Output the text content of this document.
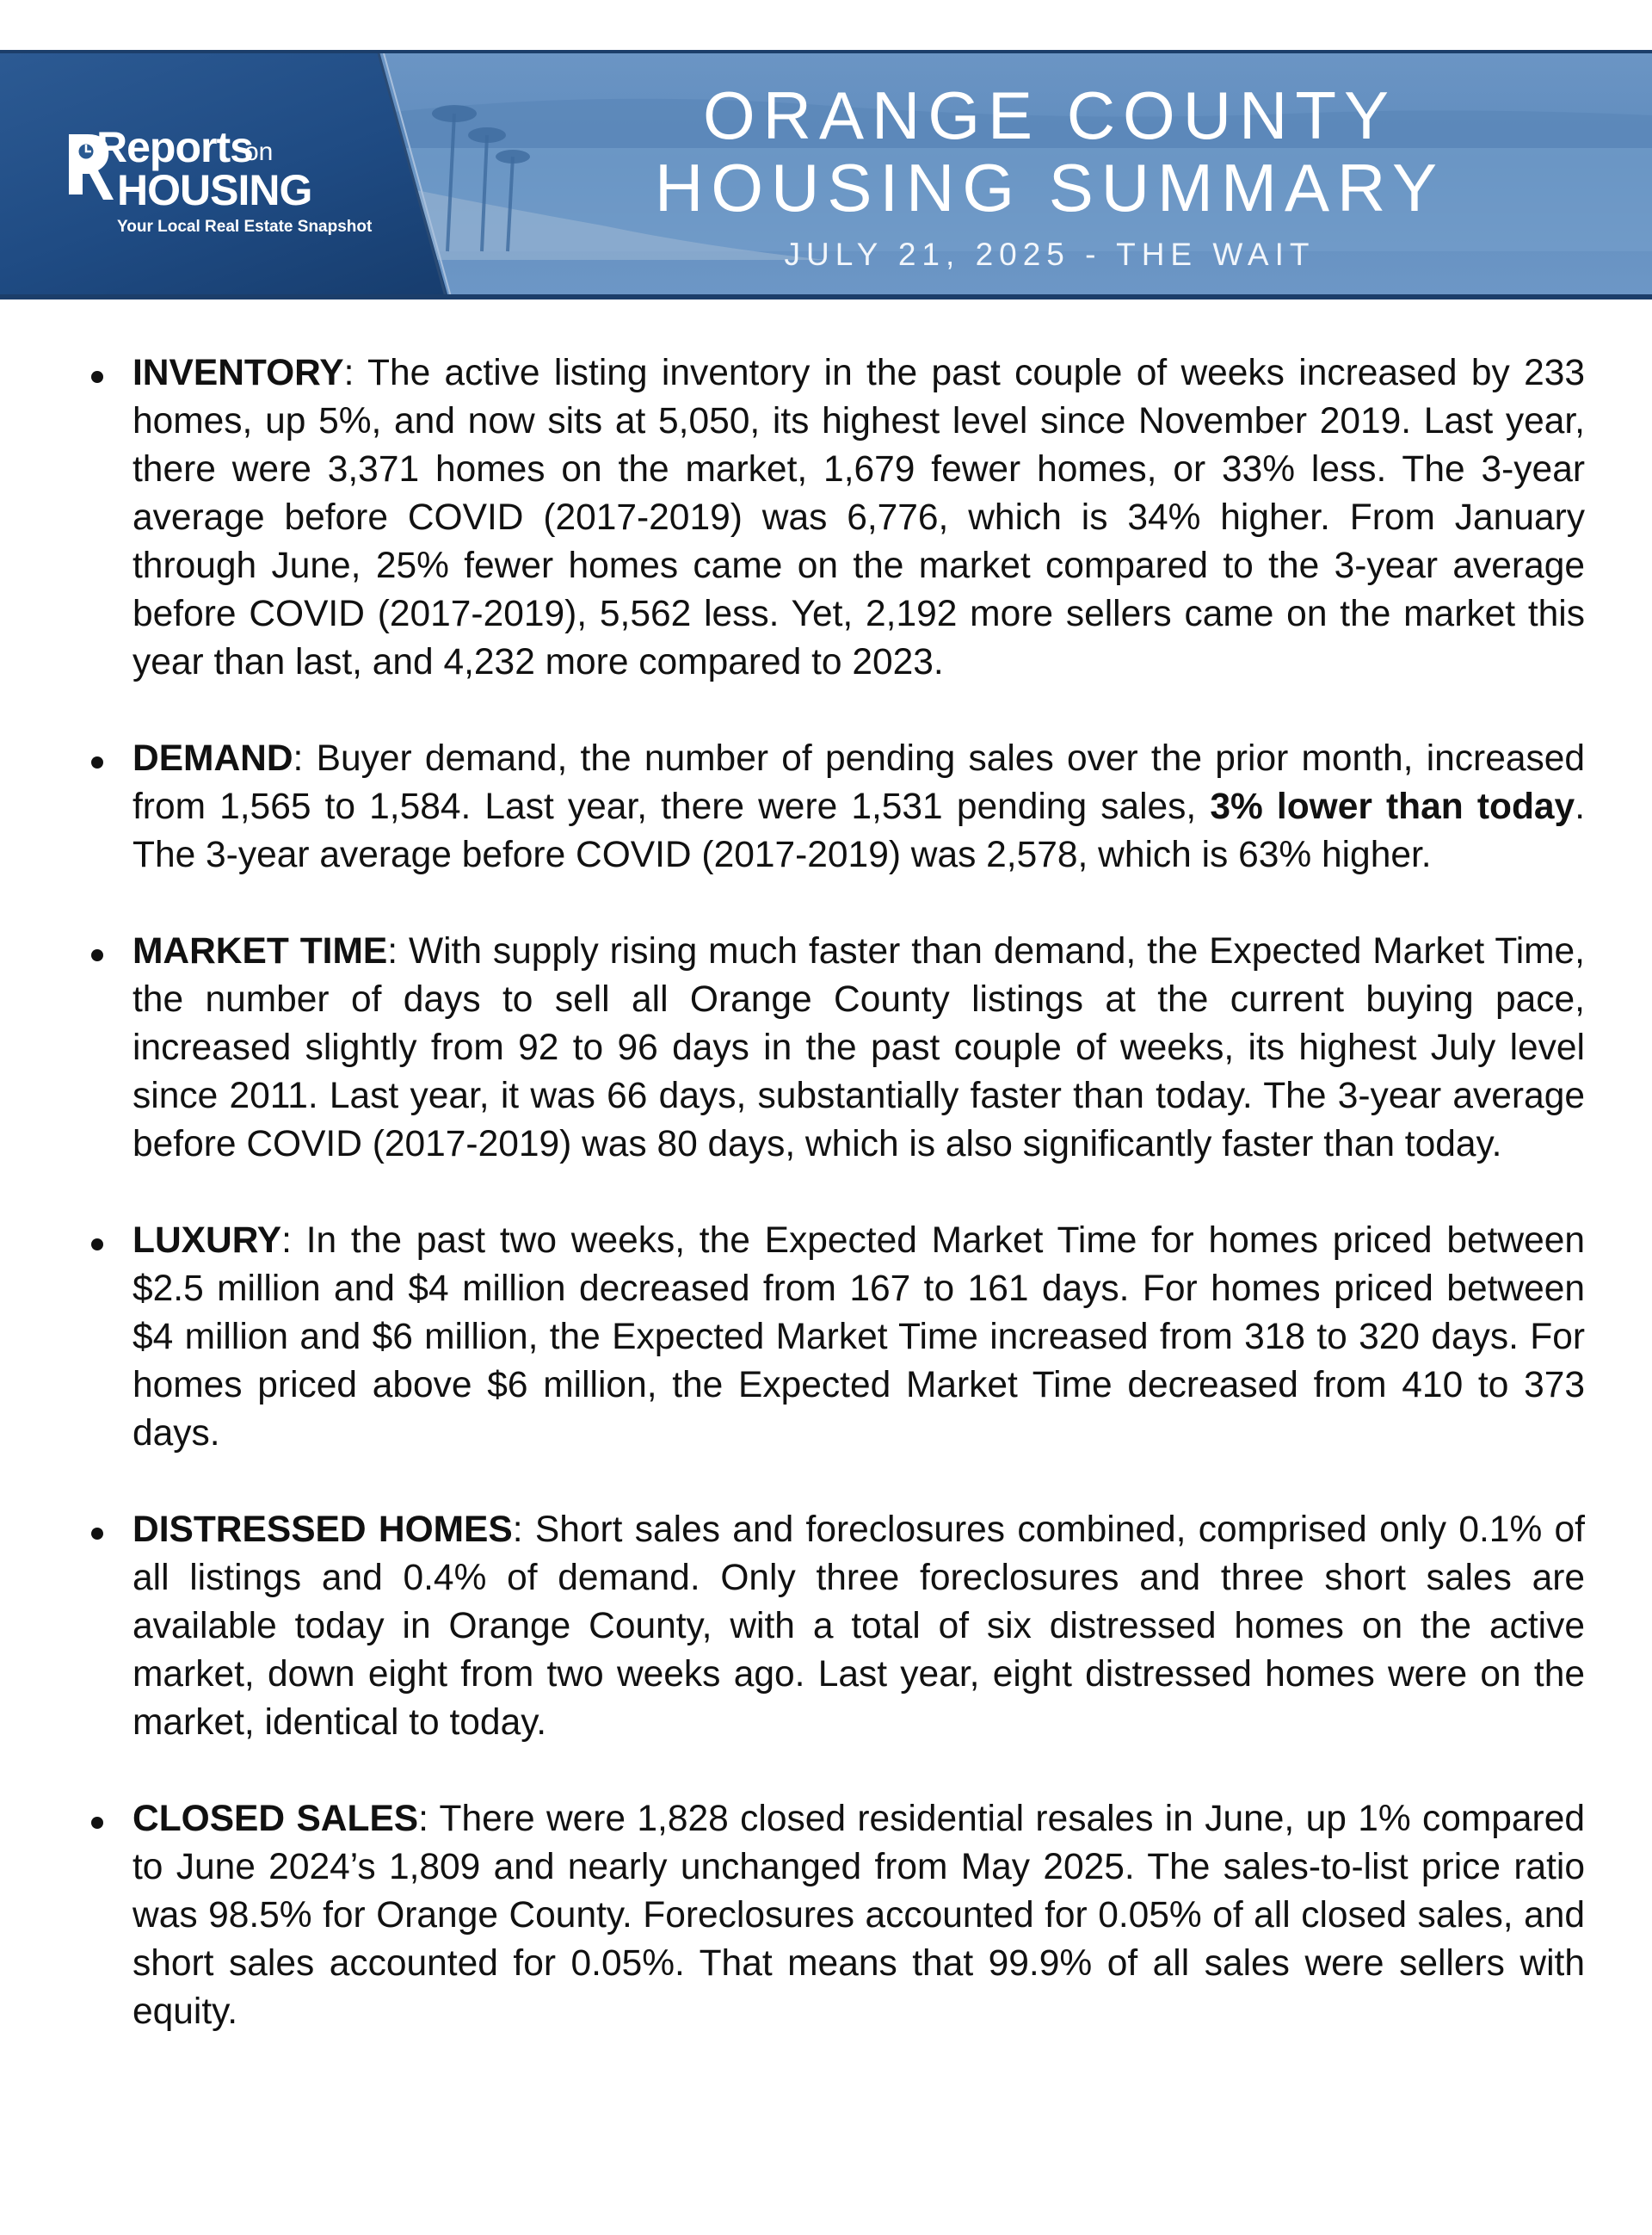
Reports
on
HOUSING
Your Local Real Estate Snapshot
ORANGE COUNTY
HOUSING SUMMARY
JULY 21, 2025 - THE WAIT
INVENTORY: The active listing inventory in the past couple of weeks increased by 233 homes, up 5%, and now sits at 5,050, its highest level since November 2019. Last year, there were 3,371 homes on the market, 1,679 fewer homes, or 33% less. The 3-year average before COVID (2017-2019) was 6,776, which is 34% higher. From January through June, 25% fewer homes came on the market compared to the 3-year average before COVID (2017-2019), 5,562 less. Yet, 2,192 more sellers came on the market this year than last, and 4,232 more compared to 2023.
DEMAND: Buyer demand, the number of pending sales over the prior month, increased from 1,565 to 1,584. Last year, there were 1,531 pending sales, 3% lower than today. The 3-year average before COVID (2017-2019) was 2,578, which is 63% higher.
MARKET TIME: With supply rising much faster than demand, the Expected Market Time, the number of days to sell all Orange County listings at the current buying pace, increased slightly from 92 to 96 days in the past couple of weeks, its highest July level since 2011. Last year, it was 66 days, substantially faster than today. The 3-year average before COVID (2017-2019) was 80 days, which is also significantly faster than today.
LUXURY: In the past two weeks, the Expected Market Time for homes priced between $2.5 million and $4 million decreased from 167 to 161 days. For homes priced between $4 million and $6 million, the Expected Market Time increased from 318 to 320 days. For homes priced above $6 million, the Expected Market Time decreased from 410 to 373 days.
DISTRESSED HOMES: Short sales and foreclosures combined, comprised only 0.1% of all listings and 0.4% of demand. Only three foreclosures and three short sales are available today in Orange County, with a total of six distressed homes on the active market, down eight from two weeks ago. Last year, eight distressed homes were on the market, identical to today.
CLOSED SALES: There were 1,828 closed residential resales in June, up 1% compared to June 2024’s 1,809 and nearly unchanged from May 2025. The sales-to-list price ratio was 98.5% for Orange County. Foreclosures accounted for 0.05% of all closed sales, and short sales accounted for 0.05%. That means that 99.9% of all sales were sellers with equity.
